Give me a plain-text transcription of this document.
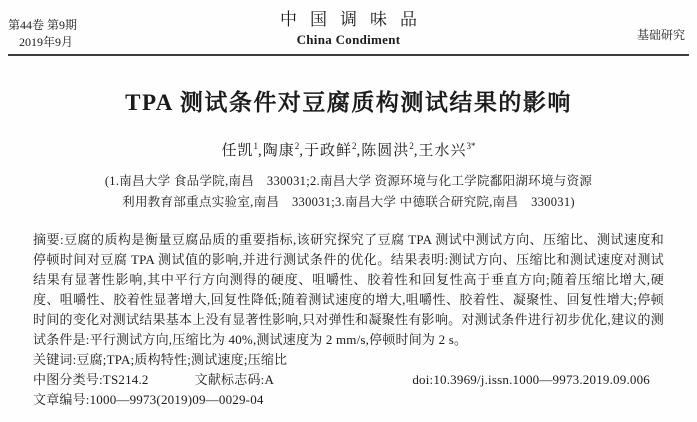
第44卷 第9期
2019年9月
中国调味品
China Condiment	基础研究
TPA 测试条件对豆腐质构测试结果的影响
任凯$^1$,陶康$^2$,于政鲜$^2$,陈圆洪$^2$,王水兴$^{3*}$
(1.南昌大学 食品学院,南昌　330031;2.南昌大学 资源环境与化工学院鄱阳湖环境与资源
利用教育部重点实验室,南昌　330031;3.南昌大学 中德联合研究院,南昌　330031)

摘要:豆腐的质构是衡量豆腐品质的重要指标,该研究探究了豆腐 TPA 测试中测试方向、压缩比、测试速度和停顿时间对豆腐 TPA 测试值的影响,并进行测试条件的优化。结果表明:测试方向、压缩比和测试速度对测试结果有显著性影响,其中平行方向测得的硬度、咀嚼性、胶着性和回复性高于垂直方向;随着压缩比增大,硬度、咀嚼性、胶着性显著增大,回复性降低;随着测试速度的增大,咀嚼性、胶着性、凝聚性、回复性增大;停顿时间的变化对测试结果基本上没有显著性影响,只对弹性和凝聚性有影响。对测试条件进行初步优化,建议的测试条件是:平行测试方向,压缩比为 40%,测试速度为 2 mm/s,停顿时间为 2 s。

关键词:豆腐;TPA;质构特性;测试速度;压缩比

中图分类号:TS214.2	文献标志码:A	doi:10.3969/j.issn.1000—9973.2019.09.006

文章编号:1000—9973(2019)09—0029-04
